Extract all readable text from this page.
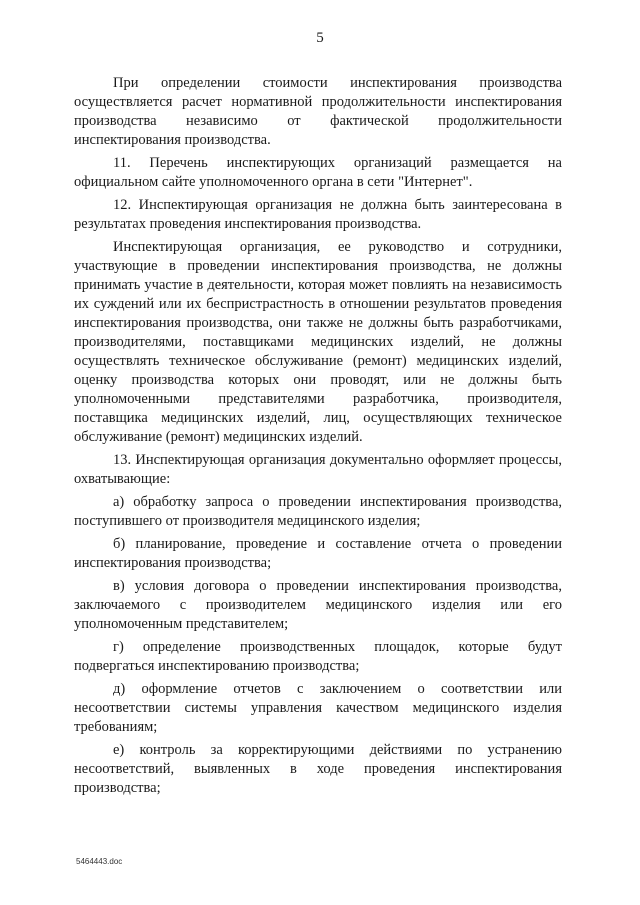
5

При определении стоимости инспектирования производства осуществляется расчет нормативной продолжительности инспектирования производства независимо от фактической продолжительности инспектирования производства.

11. Перечень инспектирующих организаций размещается на официальном сайте уполномоченного органа в сети "Интернет".

12. Инспектирующая организация не должна быть заинтересована в результатах проведения инспектирования производства.

Инспектирующая организация, ее руководство и сотрудники, участвующие в проведении инспектирования производства, не должны принимать участие в деятельности, которая может повлиять на независимость их суждений или их беспристрастность в отношении результатов проведения инспектирования производства, они также не должны быть разработчиками, производителями, поставщиками медицинских изделий, не должны осуществлять техническое обслуживание (ремонт) медицинских изделий, оценку производства которых они проводят, или не должны быть уполномоченными представителями разработчика, производителя, поставщика медицинских изделий, лиц, осуществляющих техническое обслуживание (ремонт) медицинских изделий.

13. Инспектирующая организация документально оформляет процессы, охватывающие:

а) обработку запроса о проведении инспектирования производства, поступившего от производителя медицинского изделия;

б) планирование, проведение и составление отчета о проведении инспектирования производства;

в) условия договора о проведении инспектирования производства, заключаемого с производителем медицинского изделия или его уполномоченным представителем;

г) определение производственных площадок, которые будут подвергаться инспектированию производства;

д) оформление отчетов с заключением о соответствии или несоответствии системы управления качеством медицинского изделия требованиям;

е) контроль за корректирующими действиями по устранению несоответствий, выявленных в ходе проведения инспектирования производства;

5464443.doc
